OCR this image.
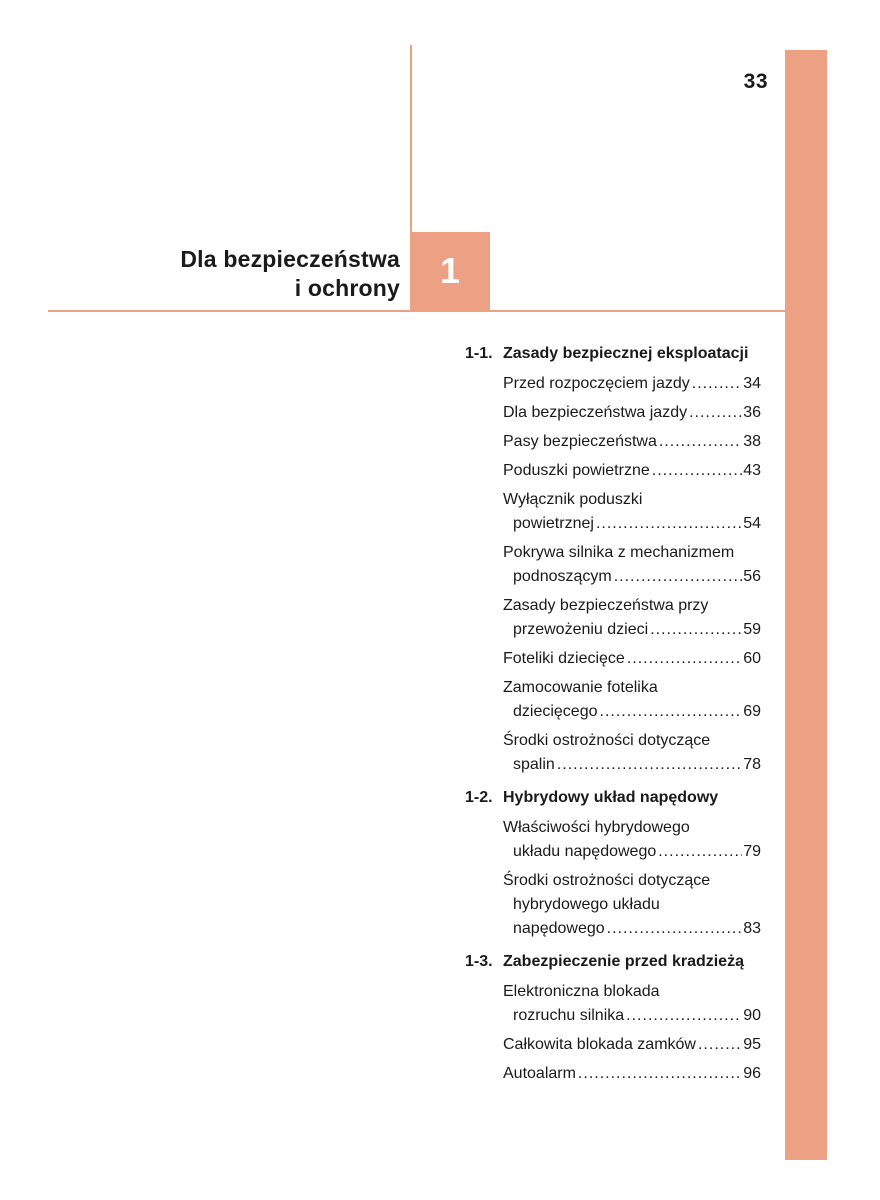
33
1
Dla bezpieczeństwa
i ochrony
1-1. Zasady bezpiecznej eksploatacji
Przed rozpoczęciem jazdy .....	34
Dla bezpieczeństwa jazdy .....	36
Pasy bezpieczeństwa .....	38
Poduszki powietrzne .....	43
Wyłącznik poduszki
powietrznej .....	54
Pokrywa silnika z mechanizmem
podnoszącym .....	56
Zasady bezpieczeństwa przy
przewożeniu dzieci .....	59
Foteliki dziecięce .....	60
Zamocowanie fotelika
dziecięcego .....	69
Środki ostrożności dotyczące
spalin .....	78
1-2. Hybrydowy układ napędowy
Właściwości hybrydowego
układu napędowego .....	79
Środki ostrożności dotyczące
hybrydowego układu
napędowego .....	83
1-3. Zabezpieczenie przed kradzieżą
Elektroniczna blokada
rozruchu silnika .....	90
Całkowita blokada zamków .....	95
Autoalarm .....	96
